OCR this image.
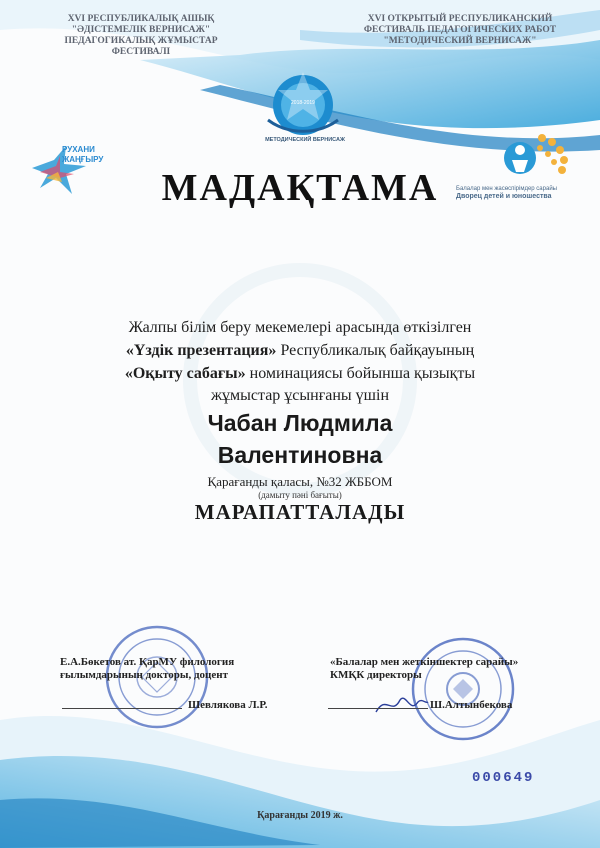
2018-2019
МЕТОДИЧЕСКИЙ ВЕРНИСАЖ
РУХАНИ
ЖАҢҒЫРУ
Балалар мен жасөспірімдер сарайы
Дворец детей и юношества
XVI РЕСПУБЛИКАЛЫҚ АШЫҚ
"ӘДІСТЕМЕЛІК ВЕРНИСАЖ"
ПЕДАГОГИКАЛЫҚ ЖҰМЫСТАР ФЕСТИВАЛІ
XVI ОТКРЫТЫЙ РЕСПУБЛИКАНСКИЙ
ФЕСТИВАЛЬ ПЕДАГОГИЧЕСКИХ РАБОТ
"МЕТОДИЧЕСКИЙ ВЕРНИСАЖ"
МАДАҚТАМА
Жалпы білім беру мекемелері арасында өткізілген
«Үздік презентация» Республикалық байқауының
«Оқыту сабағы» номинациясы бойынша қызықты
жұмыстар ұсынғаны үшін
Чабан Людмила
Валентиновна
Қарағанды қаласы, №32 ЖББОМ
(дамыту пәні бағыты)
МАРАПАТТАЛАДЫ
Е.А.Бөкетов ат. ҚарМУ филология
ғылымдарының докторы, доцент
Шевлякова Л.Р.
«Балалар мен жеткіншектер сарайы»
КМҚК директоры
Ш.Алтынбекова
000649
Қарағанды 2019 ж.
